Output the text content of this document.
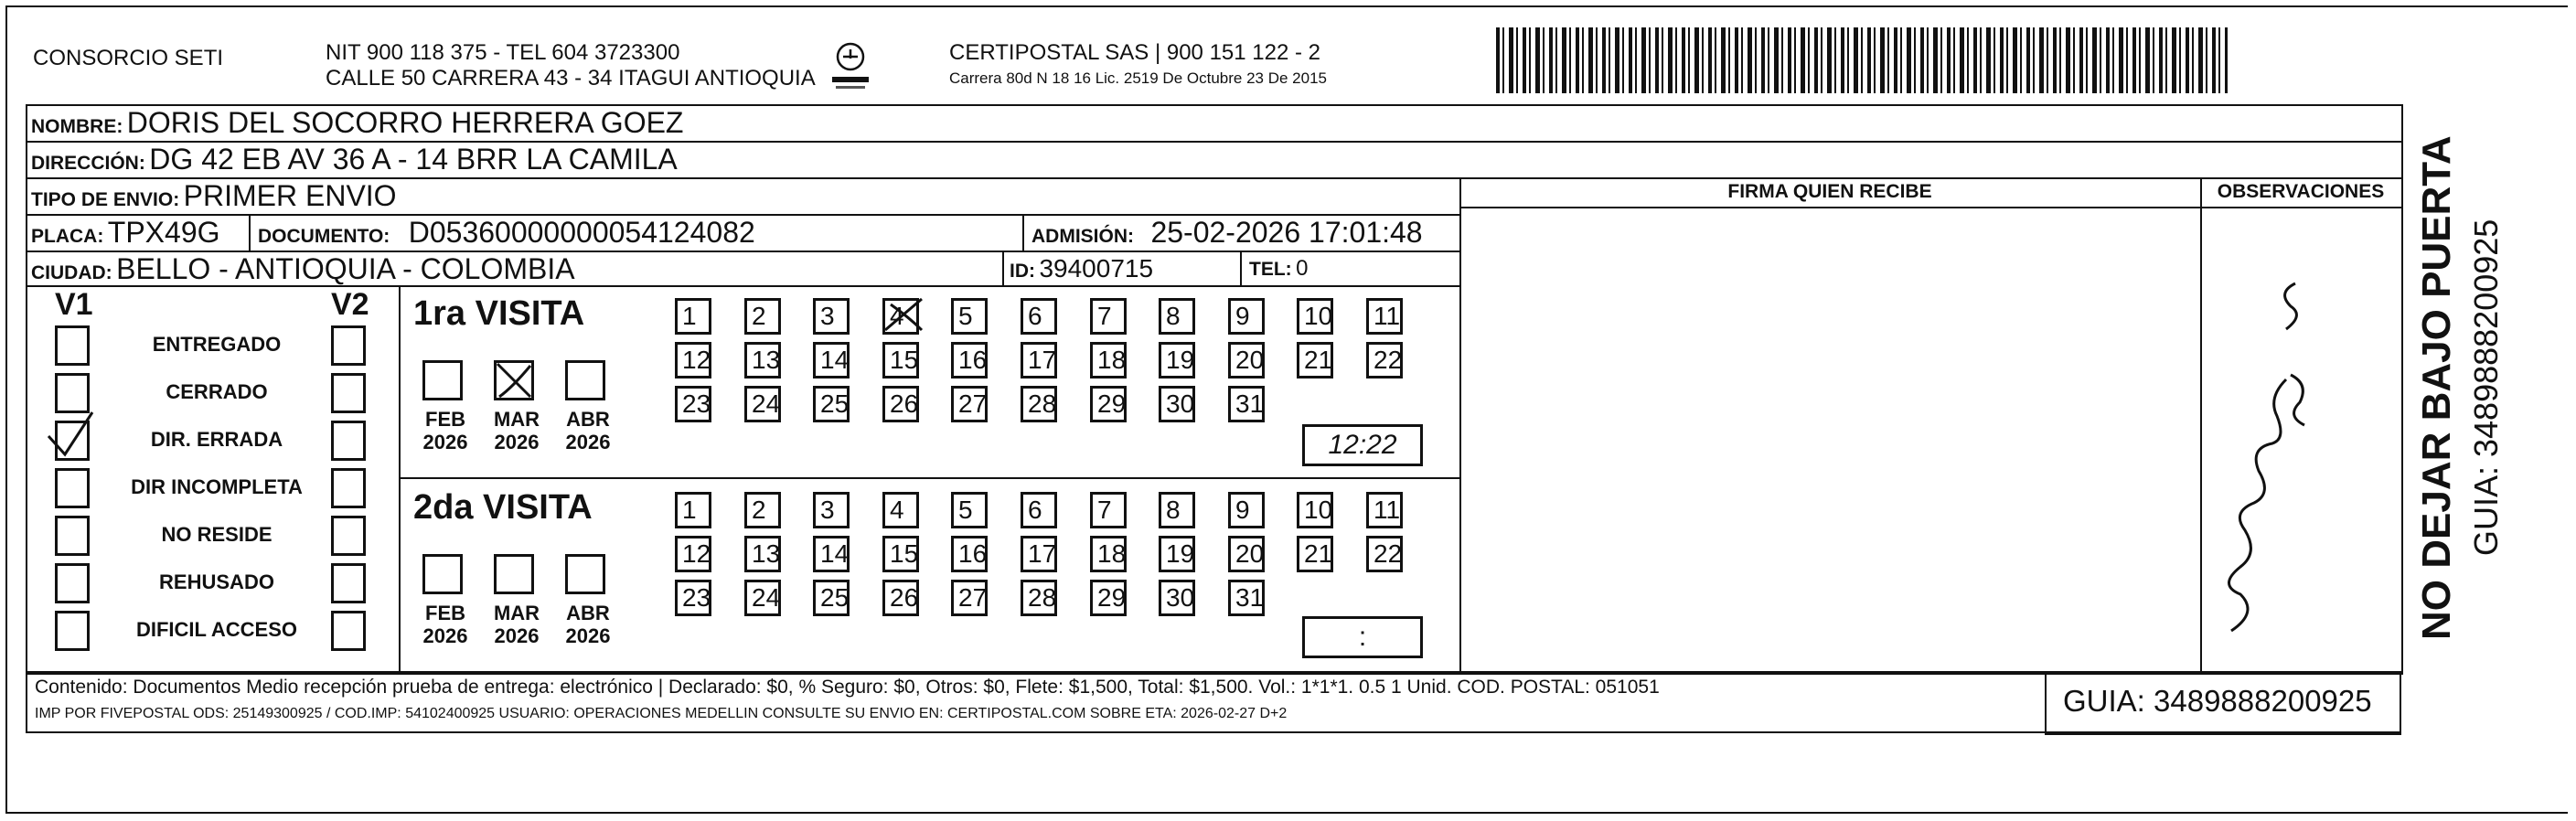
CONSORCIO SETI	NIT 900 118 375 - TEL 604 3723300
CALLE 50 CARRERA 43 - 34 ITAGUI ANTIOQUIA
CERTIPOSTAL SAS | 900 151 122 - 2
Carrera 80d N 18 16 Lic. 2519 De Octubre 23 De 2015
NOMBRE: DORIS DEL SOCORRO HERRERA GOEZ
DIRECCIÓN: DG 42 EB AV 36 A - 14 BRR LA CAMILA
TIPO DE ENVIO: PRIMER ENVIO
PLACA: TPX49G DOCUMENTO: D05360000000054124082	ADMISIÓN: 25-02-2026 17:01:48
CIUDAD: BELLO - ANTIOQUIA - COLOMBIA	ID: 39400715	TEL: 0
FIRMA QUIEN RECIBE	OBSERVACIONES
V1	V2
ENTREGADO
CERRADO
DIR. ERRADA
DIR INCOMPLETA
NO RESIDE
REHUSADO
DIFICIL ACCESO
1ra VISITA
2da VISITA
FEB
2026
MAR
2026
ABR
2026
FEB
2026
MAR
2026
ABR
2026
1	2	3	4	5	6	7	8	9	10 11
12 13 14 15 16 17 18 19 20 21 22
23 24 25 26 27 28 29 30 31
1	2	3	4	5	6	7	8	9	10 11
12 13 14 15 16 17 18 19 20 21 22
23 24 25 26 27 28 29 30 31
12:22
:
Contenido: Documentos Medio recepción prueba de entrega: electrónico | Declarado: $0, % Seguro: $0, Otros: $0, Flete: $1,500, Total: $1,500. Vol.: 1*1*1. 0.5 1 Unid. COD. POSTAL: 051051
IMP POR FIVEPOSTAL ODS: 25149300925 / COD.IMP: 54102400925 USUARIO: OPERACIONES MEDELLIN CONSULTE SU ENVIO EN: CERTIPOSTAL.COM SOBRE ETA: 2026-02-27 D+2	GUIA: 3489888200925
NO DEJAR BAJO PUERTA GUIA: 3489888200925
